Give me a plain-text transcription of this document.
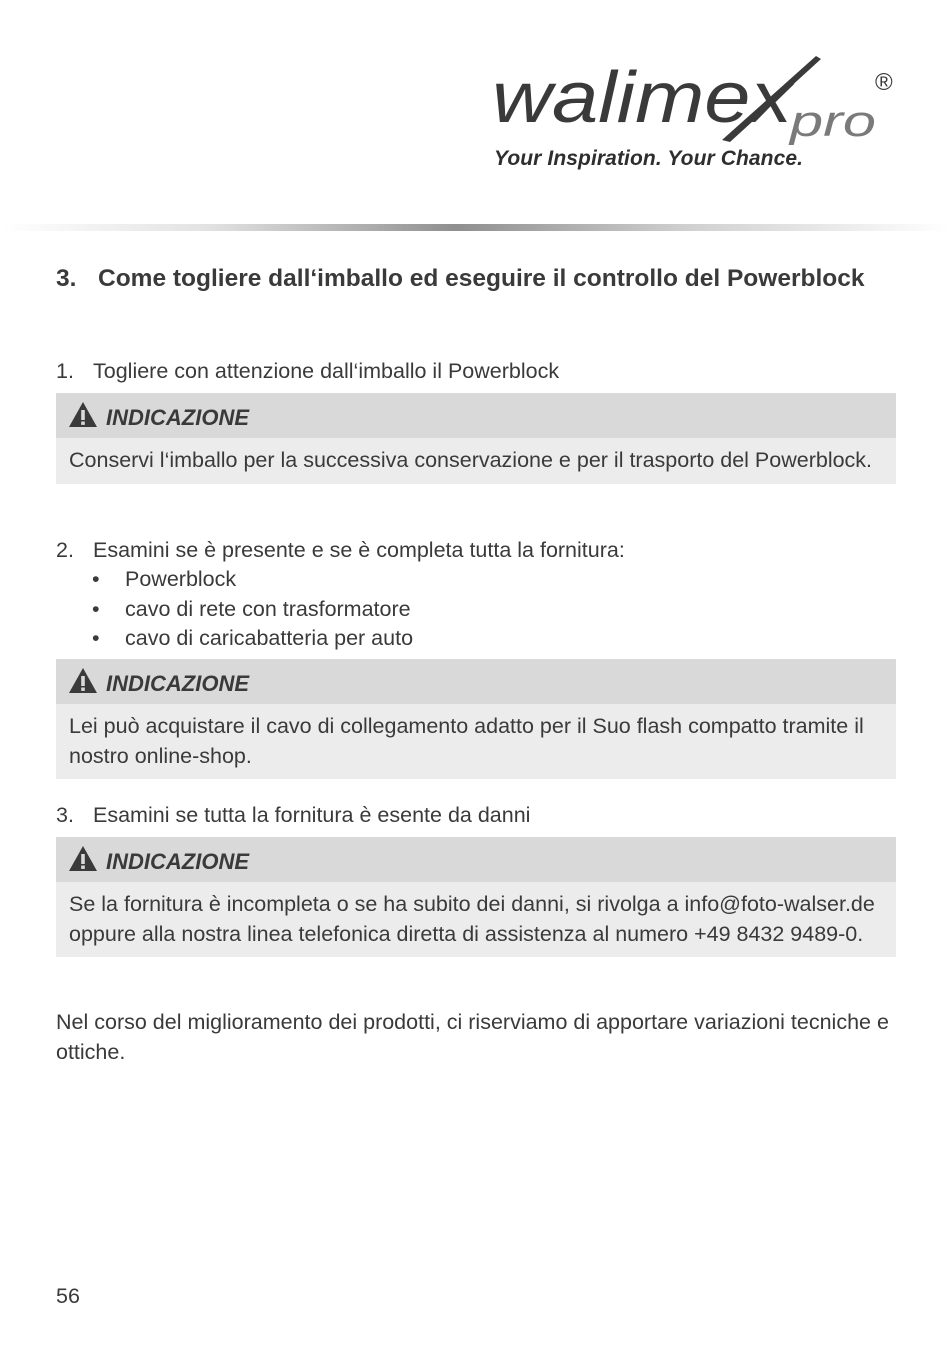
walimex
pro
®
Your Inspiration. Your Chance.
3. Come togliere dall‘imballo ed eseguire il controllo del Powerblock
1. Togliere con attenzione dall‘imballo il Powerblock
INDICAZIONE
Conservi l‘imballo per la successiva conservazione e per il trasporto del Powerblock.
2. Esamini se è presente e se è completa tutta la fornitura:
•	Powerblock
•	cavo di rete con trasformatore
•	cavo di caricabatteria per auto
INDICAZIONE
Lei può acquistare il cavo di collegamento adatto per il Suo flash compatto tramite il nostro online-shop.
3. Esamini se tutta la fornitura è esente da danni
INDICAZIONE
Se la fornitura è incompleta o se ha subito dei danni, si rivolga a info@foto-walser.de oppure alla nostra linea telefonica diretta di assistenza al numero +49 8432 9489-0.
Nel corso del miglioramento dei prodotti, ci riserviamo di apportare variazioni tecniche e ottiche.
56
